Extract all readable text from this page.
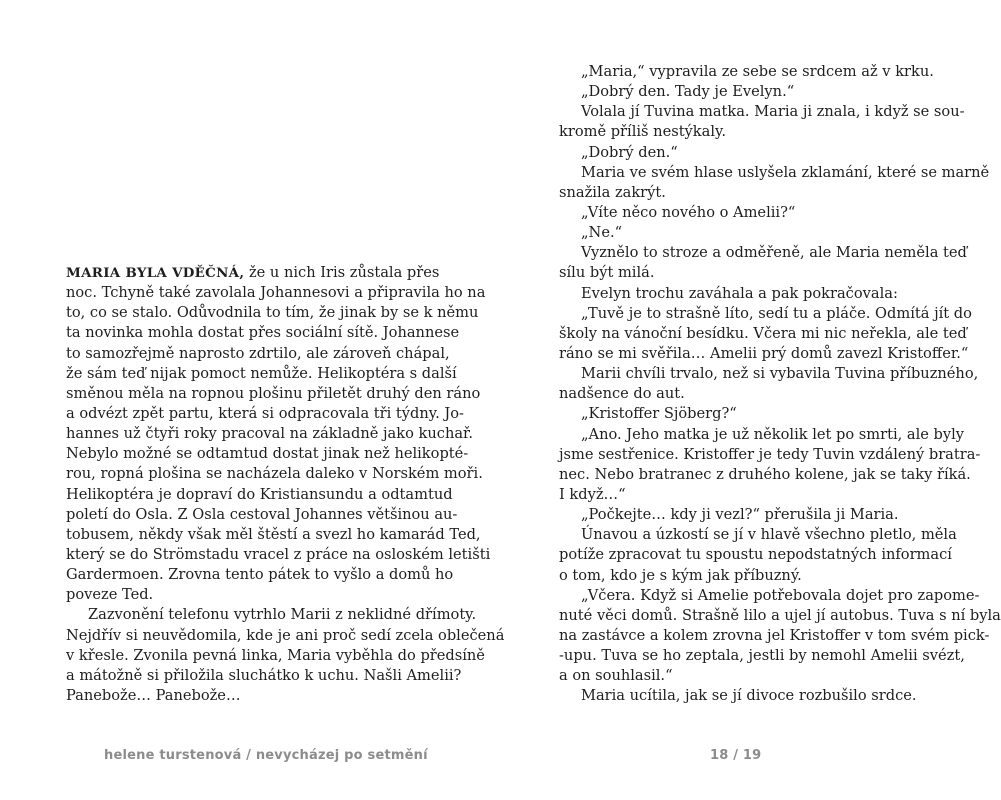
MARIA BYLA VDĚČNÁ, že u nich Iris zůstala přes
noc. Tchyně také zavolala Johannesovi a připravila ho na
to, co se stalo. Odůvodnila to tím, že jinak by se k němu
ta novinka mohla dostat přes sociální sítě. Johannese
to samozřejmě naprosto zdrtilo, ale zároveň chápal,
že sám teď nijak pomoct nemůže. Helikoptéra s další
směnou měla na ropnou plošinu přiletět druhý den ráno
a odvézt zpět partu, která si odpracovala tři týdny. Jo-
hannes už čtyři roky pracoval na základně jako kuchař.
Nebylo možné se odtamtud dostat jinak než helikopté-
rou, ropná plošina se nacházela daleko v Norském moři.
Helikoptéra je dopraví do Kristiansundu a odtamtud
poletí do Osla. Z Osla cestoval Johannes většinou au-
tobusem, někdy však měl štěstí a svezl ho kamarád Ted,
který se do Strömstadu vracel z práce na osloském letišti
Gardermoen. Zrovna tento pátek to vyšlo a domů ho
poveze Ted.
Zazvonění telefonu vytrhlo Marii z neklidné dřímoty.
Nejdřív si neuvědomila, kde je ani proč sedí zcela oblečená
v křesle. Zvonila pevná linka, Maria vyběhla do předsíně
a mátožně si přiložila sluchátko k uchu. Našli Amelii?
Panebože… Panebože…
„Maria,“ vypravila ze sebe se srdcem až v krku.
„Dobrý den. Tady je Evelyn.“
Volala jí Tuvina matka. Maria ji znala, i když se sou-
kromě příliš nestýkaly.
„Dobrý den.“
Maria ve svém hlase uslyšela zklamání, které se marně
snažila zakrýt.
„Víte něco nového o Amelii?“
„Ne.“
Vyznělo to stroze a odměřeně, ale Maria neměla teď
sílu být milá.
Evelyn trochu zaváhala a pak pokračovala:
„Tuvě je to strašně líto, sedí tu a pláče. Odmítá jít do
školy na vánoční besídku. Včera mi nic neřekla, ale teď
ráno se mi svěřila… Amelii prý domů zavezl Kristoffer.“
Marii chvíli trvalo, než si vybavila Tuvina příbuzného,
nadšence do aut.
„Kristoffer Sjöberg?“
„Ano. Jeho matka je už několik let po smrti, ale byly
jsme sestřenice. Kristoffer je tedy Tuvin vzdálený bratra-
nec. Nebo bratranec z druhého kolene, jak se taky říká.
I když…“
„Počkejte… kdy ji vezl?“ přerušila ji Maria.
Únavou a úzkostí se jí v hlavě všechno pletlo, měla
potíže zpracovat tu spoustu nepodstatných informací
o tom, kdo je s kým jak příbuzný.
„Včera. Když si Amelie potřebovala dojet pro zapome-
nuté věci domů. Strašně lilo a ujel jí autobus. Tuva s ní byla
na zastávce a kolem zrovna jel Kristoffer v tom svém pick-
-upu. Tuva se ho zeptala, jestli by nemohl Amelii svézt,
a on souhlasil.“
Maria ucítila, jak se jí divoce rozbušilo srdce.
helene turstenová / nevycházej po setmění	18 / 19
